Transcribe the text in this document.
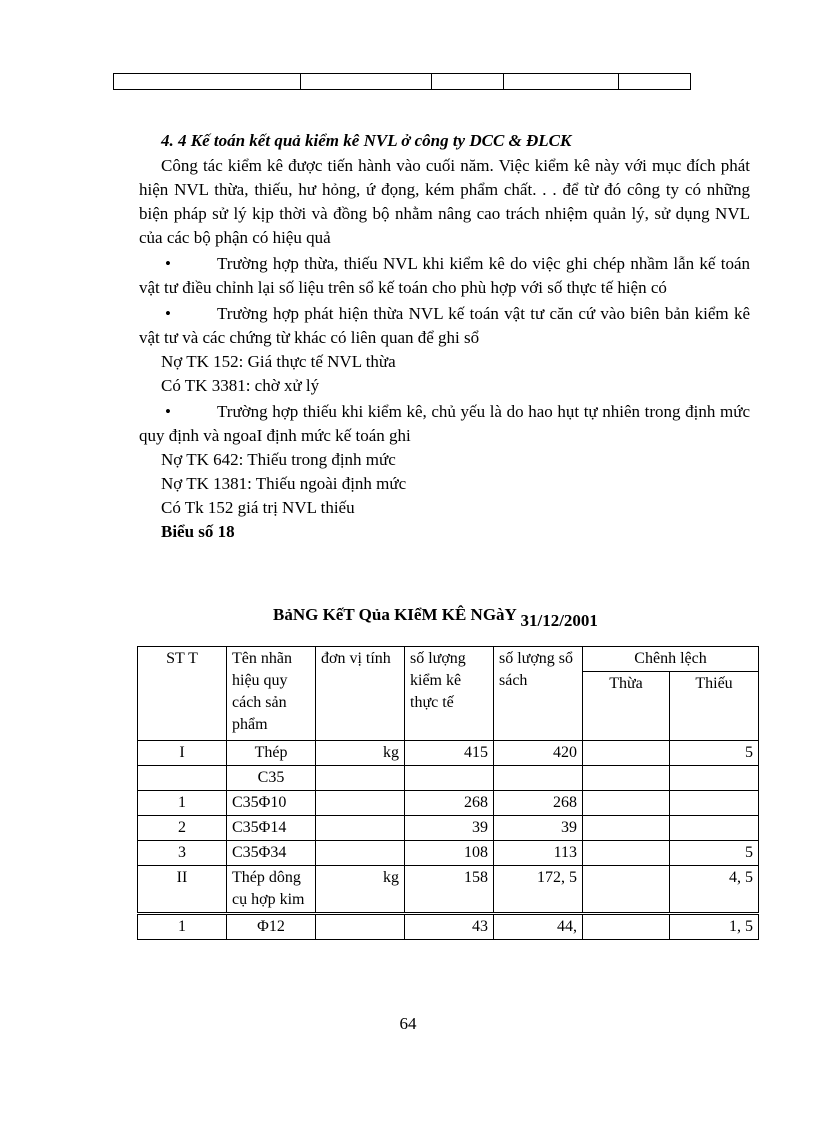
4. 4 Kế toán kết quả kiểm kê NVL ở công ty DCC & ĐLCK

Công tác kiểm kê được tiến hành vào cuối năm. Việc kiểm kê này với mục đích phát hiện NVL thừa, thiếu, hư hỏng, ứ đọng, kém phẩm chất. . . để từ đó công ty có những biện pháp sử lý kịp thời và đồng bộ nhằm nâng cao trách nhiệm quản lý, sử dụng NVL của các bộ phận có hiệu quả

•	Trường hợp thừa, thiếu NVL khi kiểm kê do việc ghi chép nhầm lẫn kế toán vật tư điều chỉnh lại số liệu trên sổ kế toán cho phù hợp với số thực tế hiện có
•	Trường hợp phát hiện thừa NVL kế toán vật tư căn cứ vào biên bản kiểm kê vật tư và các chứng từ khác có liên quan để ghi sổ

Nợ TK 152: Giá thực tế NVL thừa

Có TK 3381: chờ xử lý

•	Trường hợp thiếu khi kiểm kê, chủ yếu là do hao hụt tự nhiên trong định mức quy định và ngoaI định mức kế toán ghi

Nợ TK 642: Thiếu trong định mức

Nợ TK 1381: Thiếu ngoài định mức

Có Tk 152 giá trị NVL thiếu

Biểu số 18

BảNG KếT Qủa KIểM KÊ NGàY 31/12/2001
ST T	Tên nhãn hiệu quy cách sản phẩm	đơn vị tính	số lượng kiểm kê thực tế	số lượng sổ sách	Chênh lệch	
					Thừa	Thiếu
I	Thép	kg	415	420		5
	C35					
1	C35Φ10		268	268		
2	C35Φ14		39	39		
3	C35Φ34		108	113		5
II	Thép dông cụ hợp kim	kg	158	172, 5		4, 5
1	Φ12		43	44,		1, 5
64
